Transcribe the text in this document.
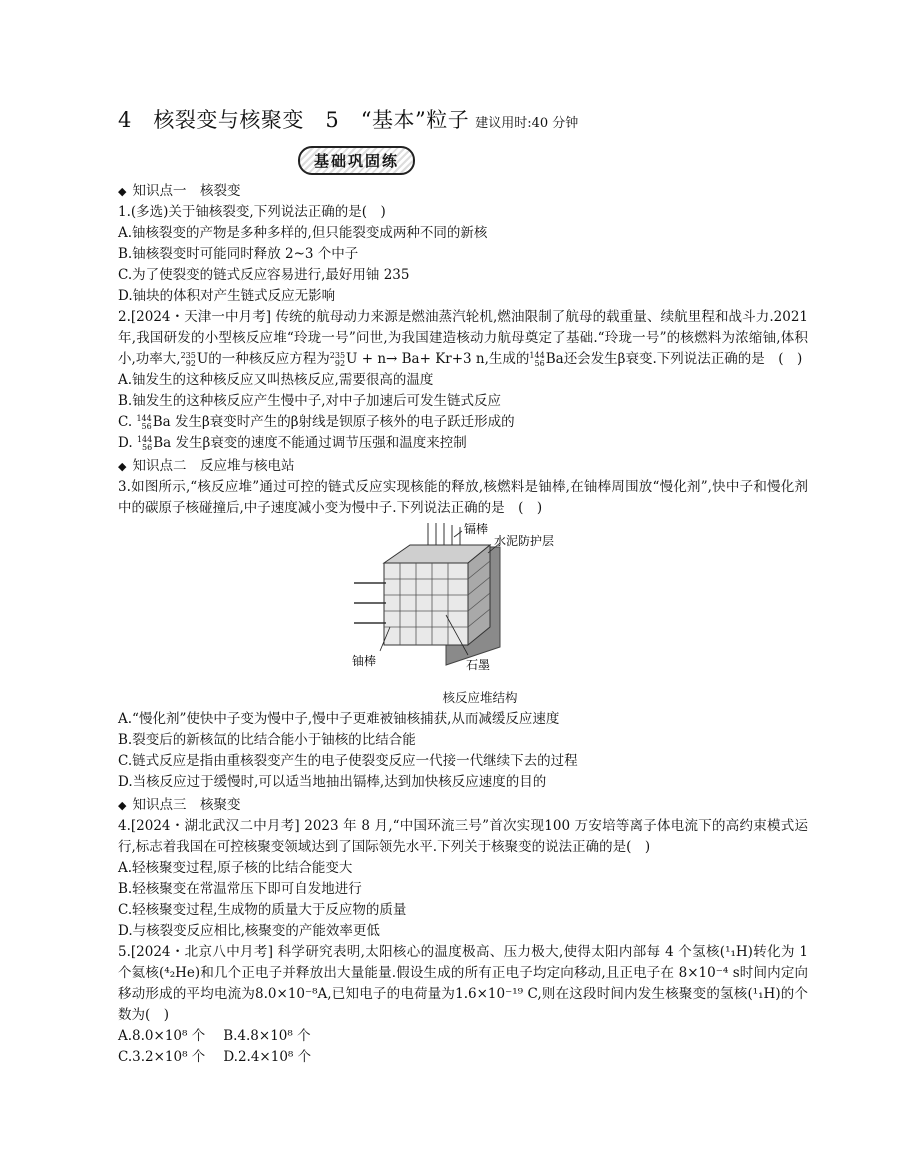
4　核裂变与核聚变　5　“基本”粒子 建议用时:40 分钟
基础巩固练
◆ 知识点一　核裂变
1.(多选)关于铀核裂变,下列说法正确的是(　)
A.铀核裂变的产物是多种多样的,但只能裂变成两种不同的新核
B.铀核裂变时可能同时释放 2~3 个中子
C.为了使裂变的链式反应容易进行,最好用铀 235
D.铀块的体积对产生链式反应无影响
2.[2024・天津一中月考] 传统的航母动力来源是燃油蒸汽轮机,燃油限制了航母的载重量、续航里程和战斗力.2021 年,我国研发的小型核反应堆“玲珑一号”问世,为我国建造核动力航母奠定了基础.“玲珑一号”的核燃料为浓缩铀,体积小,功率大, 235
92 U的一种核反应方程为 235
92 U + n→ Ba+ Kr+3 n,生成的 144
56 Ba还会发生β衰变.下列说法正确的是　(　)
A.铀发生的这种核反应又叫热核反应,需要很高的温度
B.铀发生的这种核反应产生慢中子,对中子加速后可发生链式反应
C. 144
56 Ba 发生β衰变时产生的β射线是钡原子核外的电子跃迁形成的
D. 144
56 Ba 发生β衰变的速度不能通过调节压强和温度来控制
◆ 知识点二　反应堆与核电站
3.如图所示,“核反应堆”通过可控的链式反应实现核能的释放,核燃料是铀棒,在铀棒周围放“慢化剂”,快中子和慢化剂中的碳原子核碰撞后,中子速度减小变为慢中子.下列说法正确的是　(　)
镉棒
水泥防护层
铀棒	石墨
核反应堆结构
A.“慢化剂”使快中子变为慢中子,慢中子更难被铀核捕获,从而减缓反应速度
B.裂变后的新核氙的比结合能小于铀核的比结合能
C.链式反应是指由重核裂变产生的电子使裂变反应一代接一代继续下去的过程
D.当核反应过于缓慢时,可以适当地抽出镉棒,达到加快核反应速度的目的
◆ 知识点三　核聚变
4.[2024・湖北武汉二中月考] 2023 年 8 月,“中国环流三号”首次实现100 万安培等离子体电流下的高约束模式运行,标志着我国在可控核聚变领域达到了国际领先水平.下列关于核聚变的说法正确的是(　)
A.轻核聚变过程,原子核的比结合能变大
B.轻核聚变在常温常压下即可自发地进行
C.轻核聚变过程,生成物的质量大于反应物的质量
D.与核裂变反应相比,核聚变的产能效率更低
5.[2024・北京八中月考] 科学研究表明,太阳核心的温度极高、压力极大,使得太阳内部每 4 个氢核(¹₁H)转化为 1 个氦核(⁴₂He)和几个正电子并释放出大量能量.假设生成的所有正电子均定向移动,且正电子在 8×10⁻⁴ s时间内定向移动形成的平均电流为8.0×10⁻⁸A,已知电子的电荷量为1.6×10⁻¹⁹ C,则在这段时间内发生核聚变的氢核(¹₁H)的个数为(　)
A.8.0×10⁸ 个 B.4.8×10⁸ 个
C.3.2×10⁸ 个 D.2.4×10⁸ 个
